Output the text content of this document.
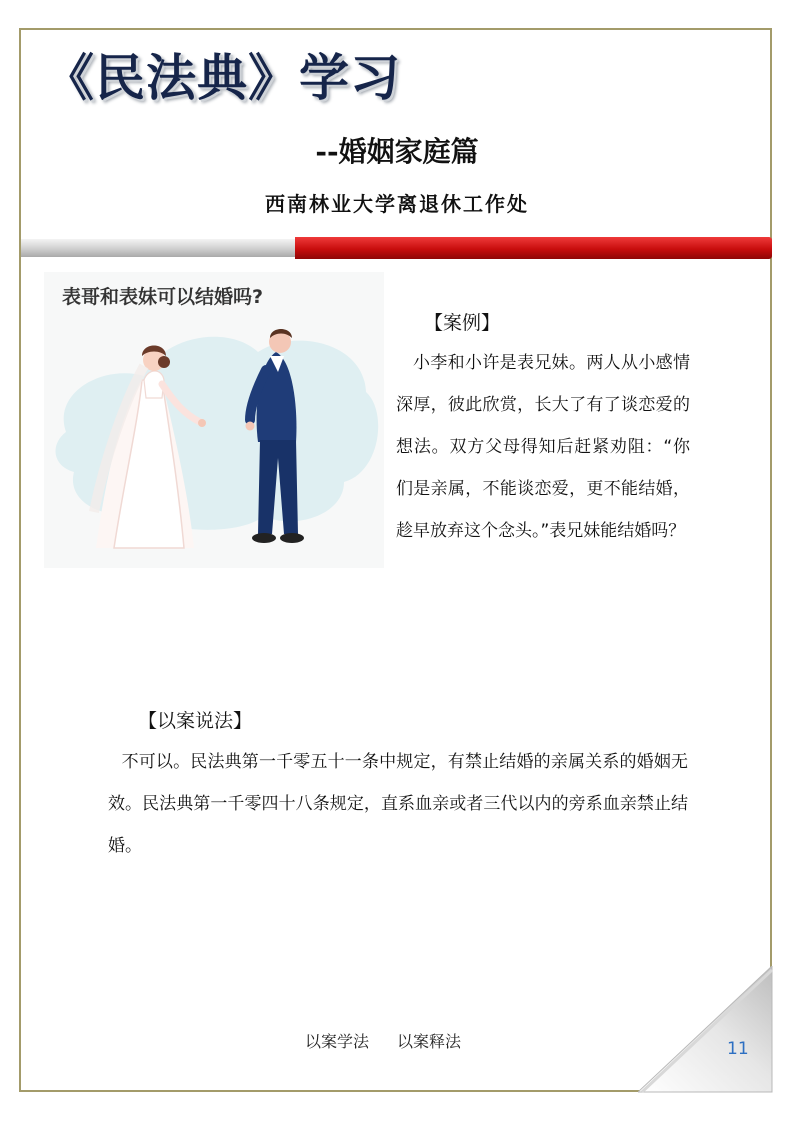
《民法典》学习
--婚姻家庭篇
西南林业大学离退休工作处
表哥和表妹可以结婚吗?
【案例】

小李和小许是表兄妹。两人从小感情深厚，彼此欣赏，长大了有了谈恋爱的想法。双方父母得知后赶紧劝阻：“你们是亲属，不能谈恋爱，更不能结婚，趁早放弃这个念头。”表兄妹能结婚吗？

【以案说法】

不可以。民法典第一千零五十一条中规定，有禁止结婚的亲属关系的婚姻无效。民法典第一千零四十八条规定，直系血亲或者三代以内的旁系血亲禁止结婚。

以案学法 以案释法	11
